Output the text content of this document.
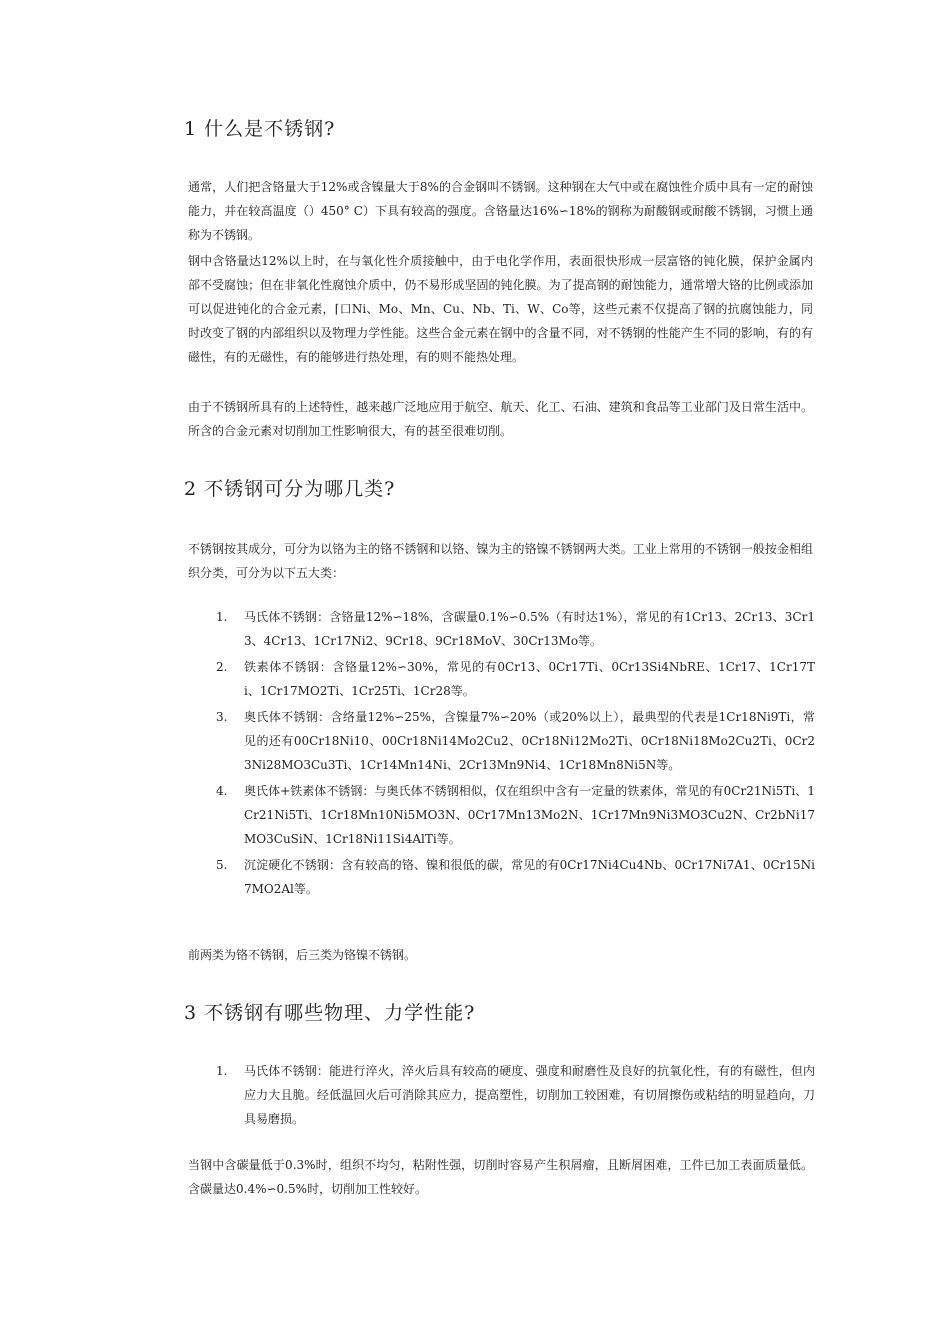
1 什么是不锈钢?

通常，人们把含铬量大于12%或含镍量大于8%的合金钢叫不锈钢。这种钢在大气中或在腐蚀性介质中具有一定的耐蚀能力，并在较高温度（）450° C）下具有较高的强度。含铬量达16%∽18%的钢称为耐酸钢或耐酸不锈钢，习惯上通称为不锈钢。

钢中含铬量达12%以上时，在与氧化性介质接触中，由于电化学作用，表面很快形成一层富铬的钝化膜，保护金属内部不受腐蚀；但在非氧化性腐蚀介质中，仍不易形成坚固的钝化膜。为了提高钢的耐蚀能力，通常增大铬的比例或添加可以促进钝化的合金元素，⌈口Ni、Mo、Mn、Cu、Nb、Ti、W、Co等，这些元素不仅提高了钢的抗腐蚀能力，同时改变了钢的内部组织以及物理力学性能。这些合金元素在钢中的含量不同，对不锈钢的性能产生不同的影响，有的有磁性，有的无磁性，有的能够进行热处理，有的则不能热处理。

由于不锈钢所具有的上述特性，越来越广泛地应用于航空、航天、化工、石油、建筑和食品等工业部门及日常生活中。所含的合金元素对切削加工性影响很大，有的甚至很难切削。

2 不锈钢可分为哪几类?

不锈钢按其成分，可分为以铬为主的铬不锈钢和以铬、镍为主的铬镍不锈钢两大类。工业上常用的不锈钢一般按金相组织分类，可分为以下五大类：

1. 马氏体不锈钢：含铬量12%∽18%，含碳量0.1%∽0.5%（有时达1%），常见的有1Cr13、2Cr13、3Cr13、4Cr13、1Cr17Ni2、9Cr18、9Cr18MoV、30Cr13Mo等。
2. 铁素体不锈钢：含铬量12%∽30%，常见的有0Cr13、0Cr17Ti、0Cr13Si4NbRE、1Cr17、1Cr17Ti、1Cr17MO2Ti、1Cr25Ti、1Cr28等。
3. 奥氏体不锈钢：含络量12%∽25%，含镍量7%∽20%（或20%以上），最典型的代表是1Cr18Ni9Ti，常见的还有00Cr18Ni10、00Cr18Ni14Mo2Cu2、0Cr18Ni12Mo2Ti、0Cr18Ni18Mo2Cu2Ti、0Cr23Ni28MO3Cu3Ti、1Cr14Mn14Ni、2Cr13Mn9Ni4、1Cr18Mn8Ni5N等。
4. 奥氏体+铁素体不锈钢：与奥氏体不锈钢相似，仅在组织中含有一定量的铁素体，常见的有0Cr21Ni5Ti、1Cr21Ni5Ti、1Cr18Mn10Ni5MO3N、0Cr17Mn13Mo2N、1Cr17Mn9Ni3MO3Cu2N、Cr2bNi17MO3CuSiN、1Cr18Ni11Si4AlTi等。
5. 沉淀硬化不锈钢：含有较高的铬、镍和很低的碳，常见的有0Cr17Ni4Cu4Nb、0Cr17Ni7A1、0Cr15Ni7MO2Al等。

前两类为铬不锈钢，后三类为铬镍不锈钢。

3 不锈钢有哪些物理、力学性能?
1. 马氏体不锈钢：能进行淬火，淬火后具有较高的硬度、强度和耐磨性及良好的抗氧化性，有的有磁性，但内应力大且脆。经低温回火后可消除其应力，提高塑性，切削加工较困难，有切屑擦伤或粘结的明显趋向，刀具易磨损。

当钢中含碳量低于0.3%时，组织不均匀，粘附性强，切削时容易产生积屑瘤，且断屑困难，工件已加工表面质量低。含碳量达0.4%∽0.5%时，切削加工性较好。
